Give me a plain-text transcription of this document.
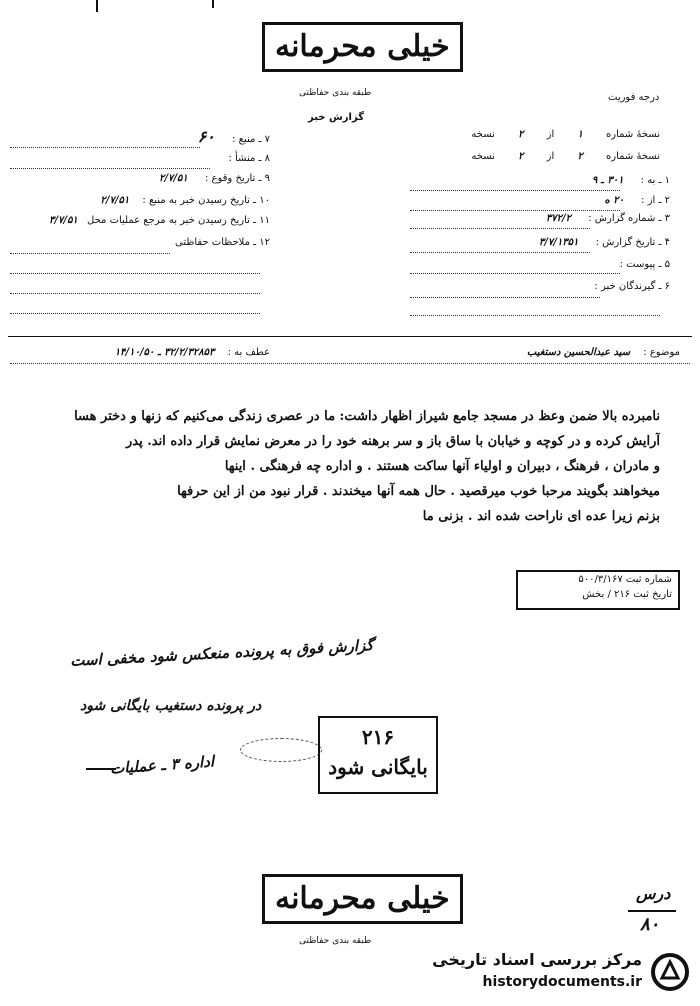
خیلی محرمانه
طبقه بندی حفاظتی
گزارش خبر
درجه فوریت
نسخهٔ شماره ۱ از ۲ نسخه
نسخهٔ شماره ۲ از ۲ نسخه
۱ ـ به : ۳۰۱ ـ ۹
۲ ـ از : ۲۰ ه
۳ ـ شماره گزارش : ۳۷۲/۲
۴ ـ تاریخ گزارش : ۳/۷/۱۳۵۱
۵ ـ پیوست :
۶ ـ گیرندگان خبر :
۷ ـ منبع : ۶۰
۸ ـ منشأ :
۹ ـ تاریخ وقوع : ۲/۷/۵۱
۱۰ ـ تاریخ رسیدن خبر به منبع : ۲/۷/۵۱
۱۱ ـ تاریخ رسیدن خبر به مرجع عملیات محل ۳/۷/۵۱
۱۲ ـ ملاحظات حفاظتی
موضوع : سید عبدالحسین دستغیب
عطف به : ۳۲/۲/۳۲۸۵۳ ـ ۱۴/۱۰/۵۰
نامبرده بالا ضمن وعظ در مسجد جامع شیراز اظهار داشت: ما در عصری زندگی می‌کنیم که زنها و دختر هسا
آرایش کرده و در کوچه و خیابان با ساق باز و سر برهنه خود را در معرض نمایش قرار داده اند. پدر
و مادران ، فرهنگ ، دبیران و اولیاء آنها ساکت هستند . و اداره چه فرهنگی . اینها
میخواهند بگویند مرحبا خوب میرقصید . حال همه آنها میخندند . قرار نبود من از این حرفها
بزنم زیرا عده ای ناراحت شده اند . بزنی ما
شماره ثبت ۵۰۰/۳/۱۶۷
تاریخ ثبت ۲۱۶ / بخش
گزارش فوق به پرونده منعکس شود مخفی است
در پرونده دستغیب بایگانی شود
اداره ۳ ـ عملیات
۲۱۶
بایگانی شود
خیلی محرمانه
طبقه بندی حفاظتی
درس
۸۰
مرکز بررسی اسناد تاریخی
historydocuments.ir
